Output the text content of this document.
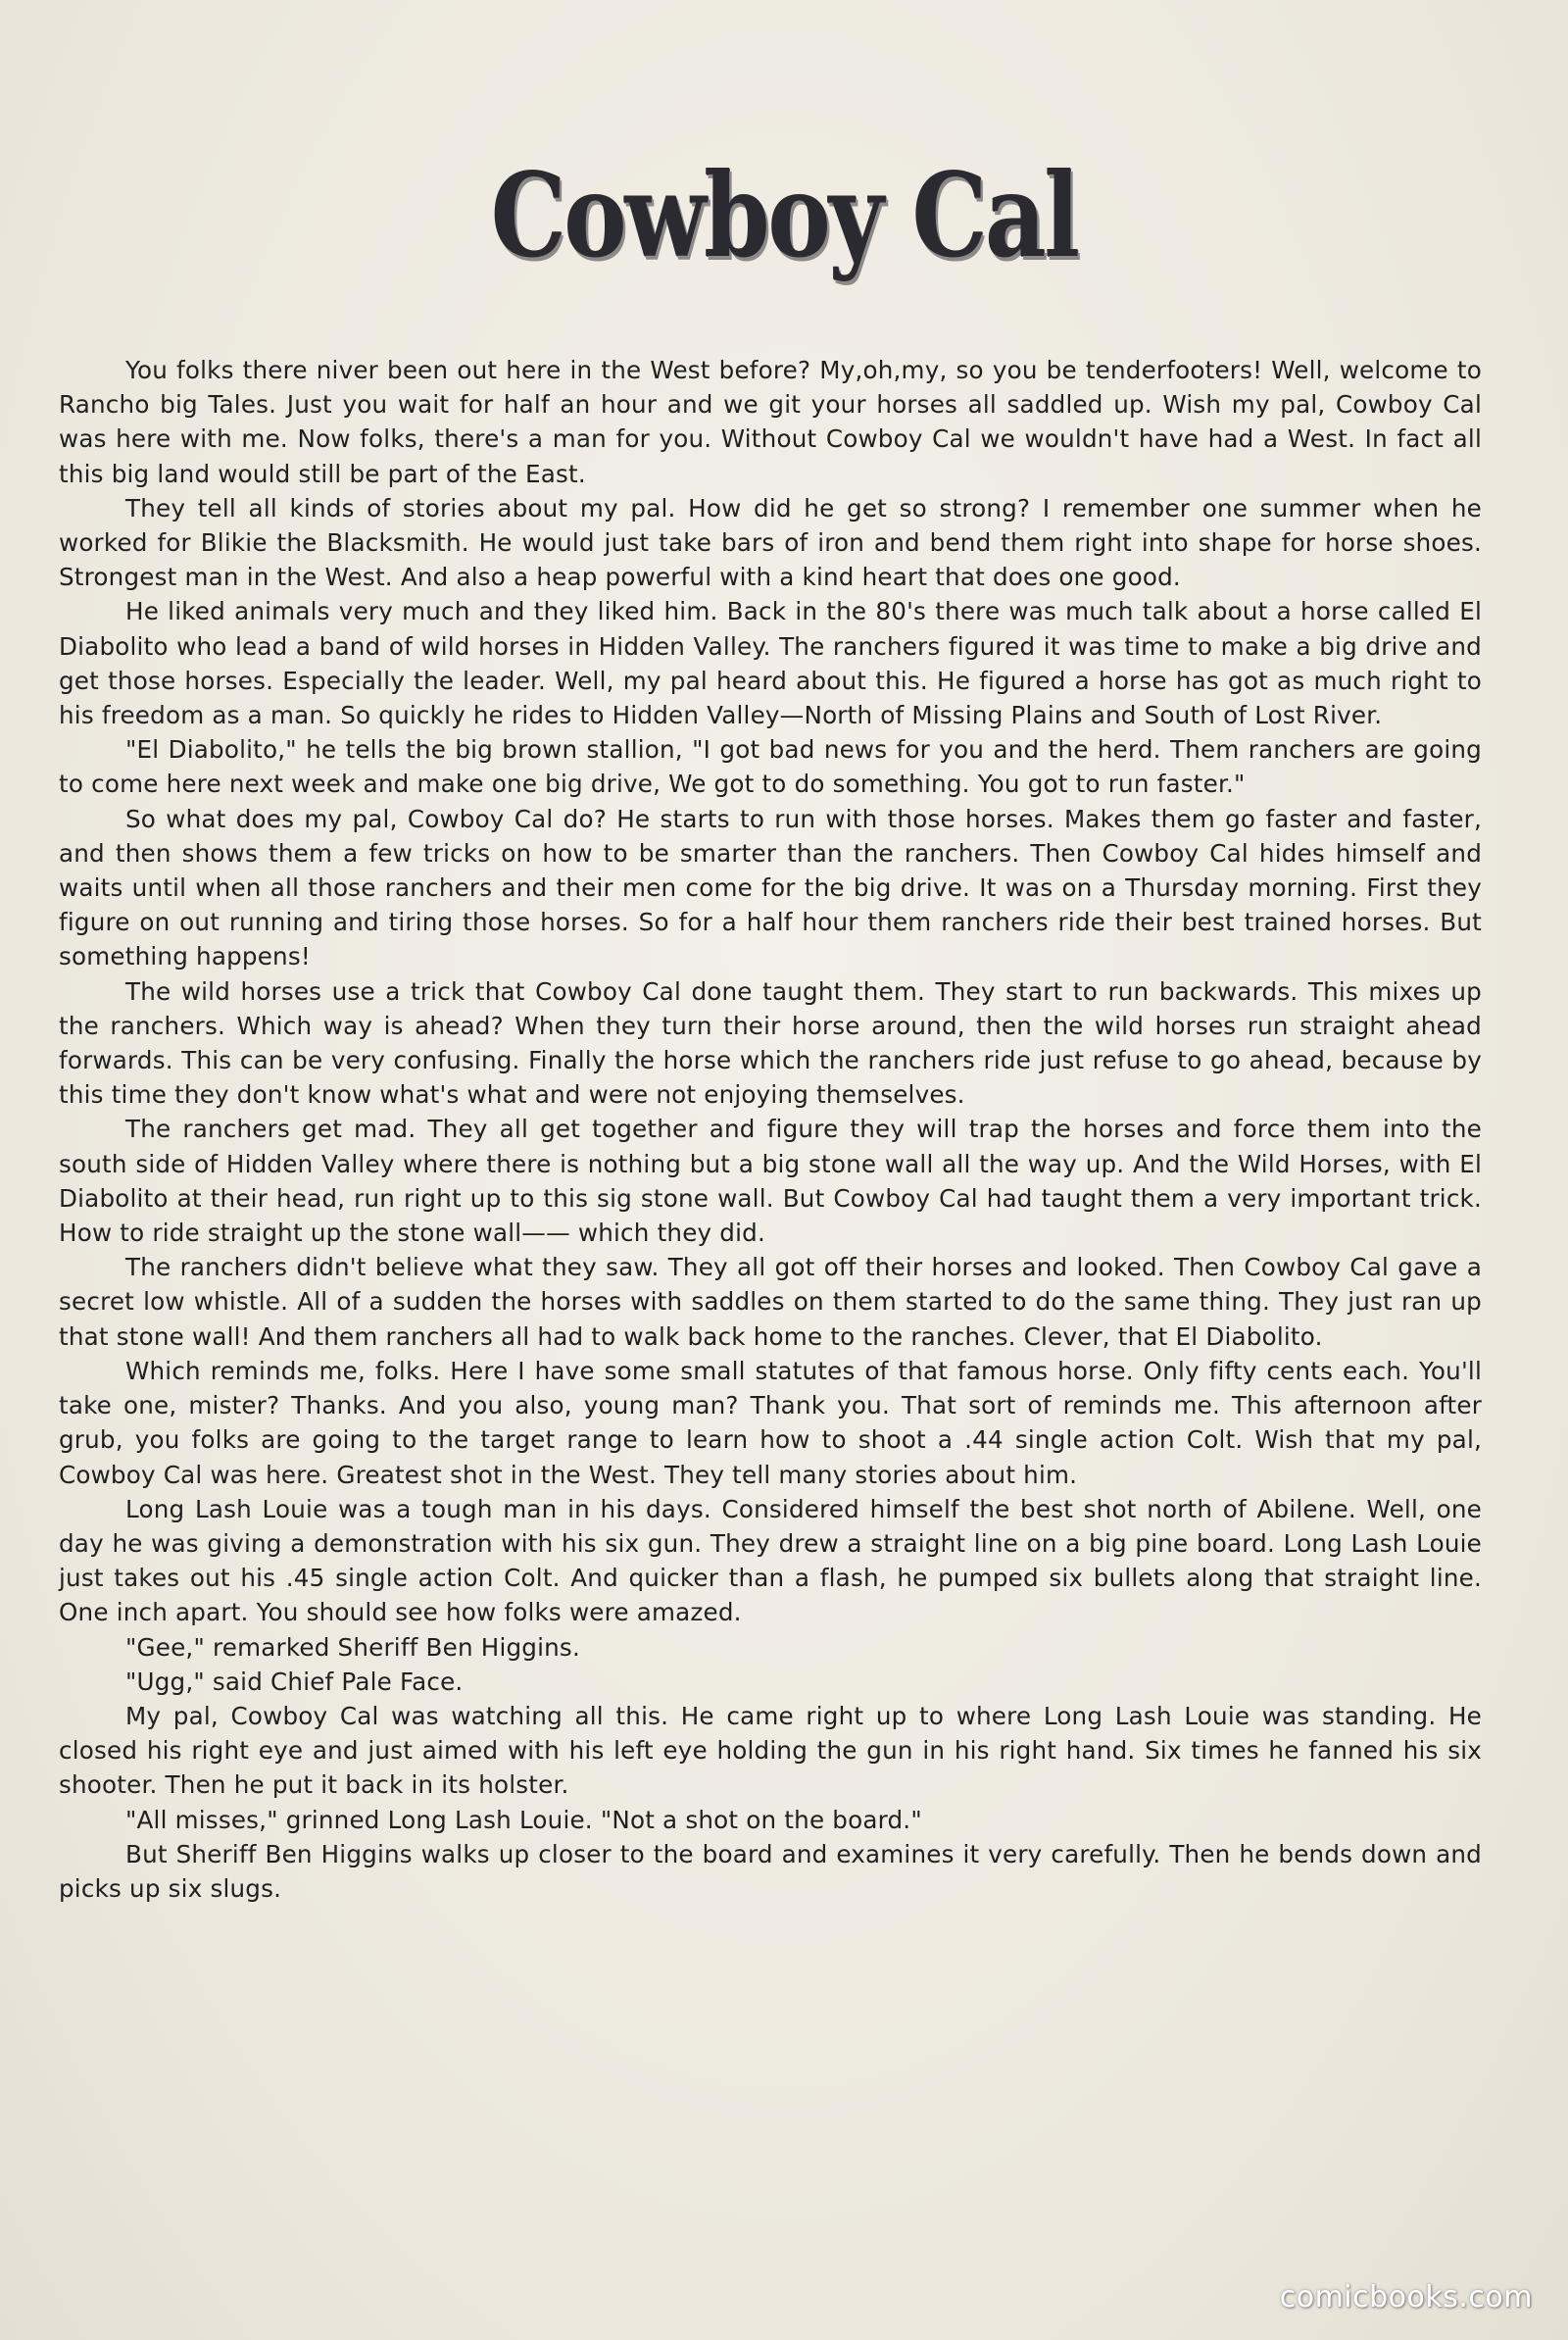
Cowboy Cal

You folks there niver been out here in the West before? My,oh,my, so you be tenderfooters! Well, welcome to Rancho big Tales. Just you wait for half an hour and we git your horses all saddled up. Wish my pal, Cowboy Cal was here with me. Now folks, there's a man for you. Without Cowboy Cal we wouldn't have had a West. In fact all this big land would still be part of the East.

They tell all kinds of stories about my pal. How did he get so strong? I remember one summer when he worked for Blikie the Blacksmith. He would just take bars of iron and bend them right into shape for horse shoes. Strongest man in the West. And also a heap powerful with a kind heart that does one good.

He liked animals very much and they liked him. Back in the 80's there was much talk about a horse called El Diabolito who lead a band of wild horses in Hidden Valley. The ranchers figured it was time to make a big drive and get those horses. Especially the leader. Well, my pal heard about this. He figured a horse has got as much right to his freedom as a man. So quickly he rides to Hidden Valley—North of Missing Plains and South of Lost River.

"El Diabolito," he tells the big brown stallion, "I got bad news for you and the herd. Them ranchers are going to come here next week and make one big drive, We got to do something. You got to run faster."

So what does my pal, Cowboy Cal do? He starts to run with those horses. Makes them go faster and faster, and then shows them a few tricks on how to be smarter than the ranchers. Then Cowboy Cal hides himself and waits until when all those ranchers and their men come for the big drive. It was on a Thursday morning. First they figure on out running and tiring those horses. So for a half hour them ranchers ride their best trained horses. But something happens!

The wild horses use a trick that Cowboy Cal done taught them. They start to run backwards. This mixes up the ranchers. Which way is ahead? When they turn their horse around, then the wild horses run straight ahead forwards. This can be very confusing. Finally the horse which the ranchers ride just refuse to go ahead, because by this time they don't know what's what and were not enjoying themselves.

The ranchers get mad. They all get together and figure they will trap the horses and force them into the south side of Hidden Valley where there is nothing but a big stone wall all the way up. And the Wild Horses, with El Diabolito at their head, run right up to this sig stone wall. But Cowboy Cal had taught them a very important trick. How to ride straight up the stone wall—— which they did.

The ranchers didn't believe what they saw. They all got off their horses and looked. Then Cowboy Cal gave a secret low whistle. All of a sudden the horses with saddles on them started to do the same thing. They just ran up that stone wall! And them ranchers all had to walk back home to the ranches. Clever, that El Diabolito.

Which reminds me, folks. Here I have some small statutes of that famous horse. Only fifty cents each. You'll take one, mister? Thanks. And you also, young man? Thank you. That sort of reminds me. This afternoon after grub, you folks are going to the target range to learn how to shoot a .44 single action Colt. Wish that my pal, Cowboy Cal was here. Greatest shot in the West. They tell many stories about him.

Long Lash Louie was a tough man in his days. Considered himself the best shot north of Abilene. Well, one day he was giving a demonstration with his six gun. They drew a straight line on a big pine board. Long Lash Louie just takes out his .45 single action Colt. And quicker than a flash, he pumped six bullets along that straight line. One inch apart. You should see how folks were amazed.

"Gee," remarked Sheriff Ben Higgins.

"Ugg," said Chief Pale Face.

My pal, Cowboy Cal was watching all this. He came right up to where Long Lash Louie was standing. He closed his right eye and just aimed with his left eye holding the gun in his right hand. Six times he fanned his six shooter. Then he put it back in its holster.

"All misses," grinned Long Lash Louie. "Not a shot on the board."

But Sheriff Ben Higgins walks up closer to the board and examines it very carefully. Then he bends down and picks up six slugs.

comicbooks.com
